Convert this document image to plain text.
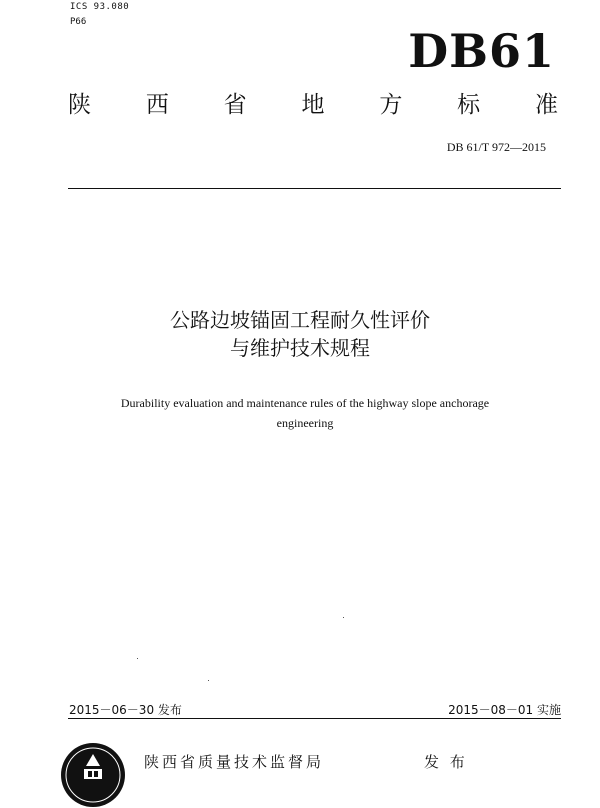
ICS 93.080
P66
DB61
陕 西 省 地 方 标 准
DB 61/T 972—2015
公路边坡锚固工程耐久性评价
与维护技术规程
Durability evaluation and maintenance rules of the highway slope anchorage
engineering
2015－06－30 发布	2015－08－01 实施
陕西省质量技术监督局	发 布
